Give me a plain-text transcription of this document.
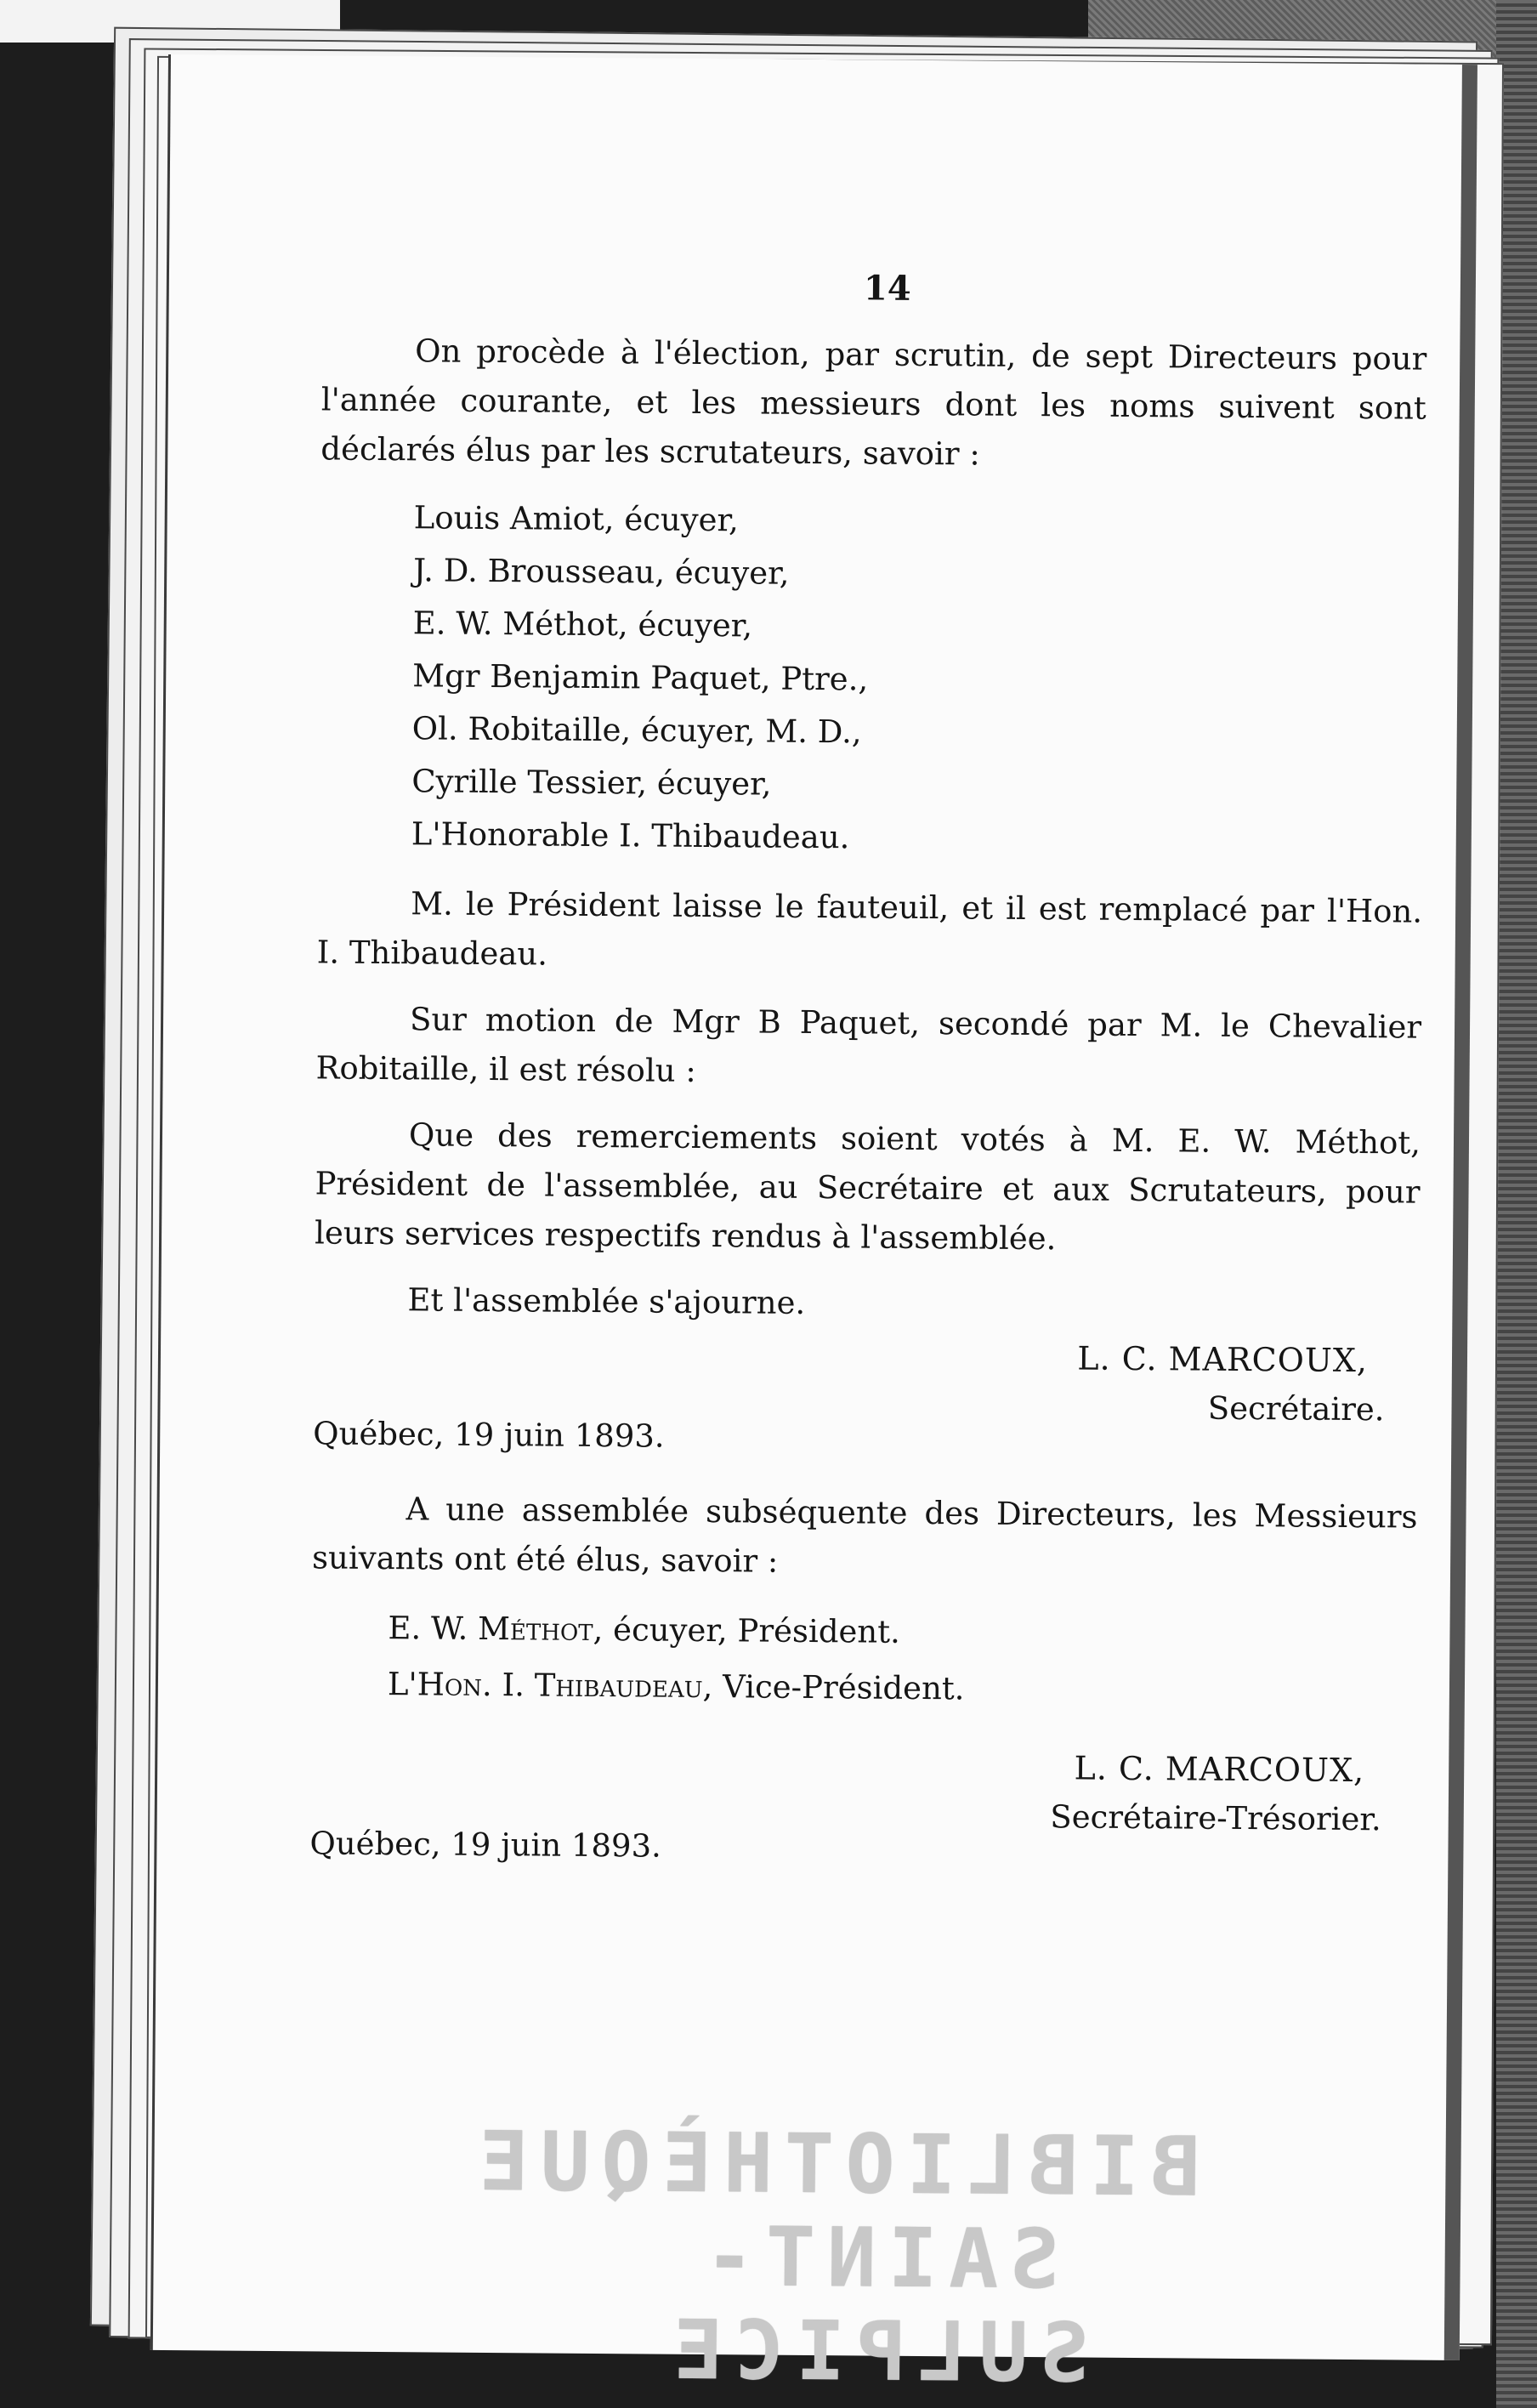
14

On procède à l'élection, par scrutin, de sept Directeurs pour l'année courante, et les messieurs dont les noms suivent sont déclarés élus par les scrutateurs, savoir :

Louis Amiot, écuyer,
J. D. Brousseau, écuyer,
E. W. Méthot, écuyer,
Mgr Benjamin Paquet, Ptre.,
Ol. Robitaille, écuyer, M. D.,
Cyrille Tessier, écuyer,
L'Honorable I. Thibaudeau.

M. le Président laisse le fauteuil, et il est remplacé par l'Hon. I. Thibaudeau.

Sur motion de Mgr B Paquet, secondé par M. le Chevalier Robitaille, il est résolu :

Que des remerciements soient votés à M. E. W. Méthot, Président de l'assemblée, au Secrétaire et aux Scrutateurs, pour leurs services respectifs rendus à l'assemblée.

Et l'assemblée s'ajourne.

L. C. MARCOUX,
Secrétaire.

Québec, 19 juin 1893.

A une assemblée subséquente des Directeurs, les Messieurs suivants ont été élus, savoir :

E. W. Méthot, écuyer, Président.
L'Hon. I. Thibaudeau, Vice-Président.
L. C. MARCOUX,
Secrétaire-Trésorier.

Québec, 19 juin 1893.

BIBLIOTHÈQUE
SAINT-SULPICE
